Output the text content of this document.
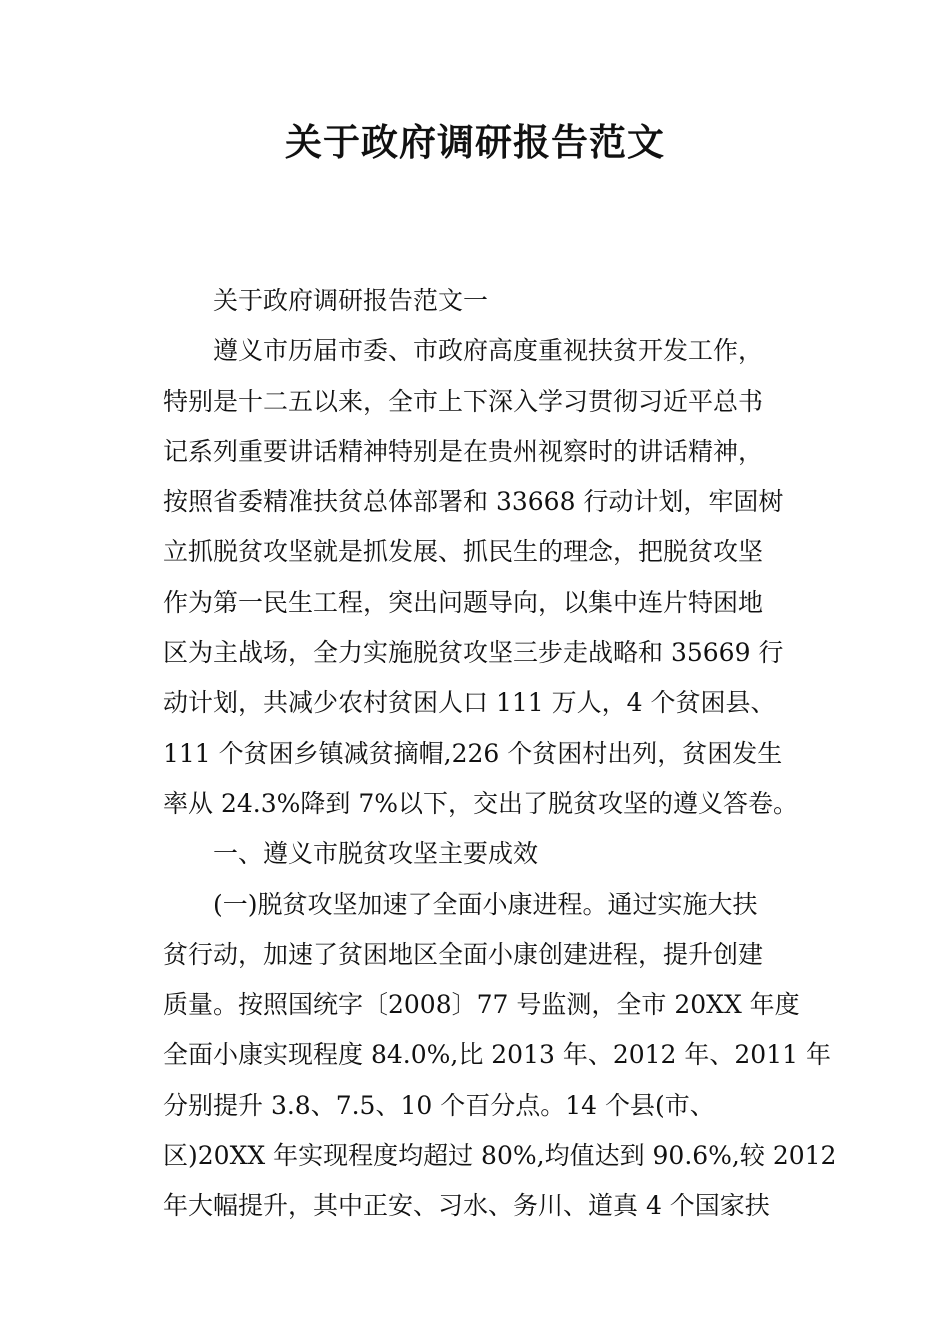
关于政府调研报告范文
关于政府调研报告范文一
遵义市历届市委、市政府高度重视扶贫开发工作，
特别是十二五以来，全市上下深入学习贯彻习近平总书
记系列重要讲话精神特别是在贵州视察时的讲话精神，
按照省委精准扶贫总体部署和 33668 行动计划，牢固树
立抓脱贫攻坚就是抓发展、抓民生的理念，把脱贫攻坚
作为第一民生工程，突出问题导向，以集中连片特困地
区为主战场，全力实施脱贫攻坚三步走战略和 35669 行
动计划，共减少农村贫困人口 111 万人，4 个贫困县、
111 个贫困乡镇减贫摘帽,226 个贫困村出列，贫困发生
率从 24.3%降到 7%以下，交出了脱贫攻坚的遵义答卷。
一、遵义市脱贫攻坚主要成效
(一)脱贫攻坚加速了全面小康进程。通过实施大扶
贫行动，加速了贫困地区全面小康创建进程，提升创建
质量。按照国统字〔2008〕77 号监测，全市 20XX 年度
全面小康实现程度 84.0%,比 2013 年、2012 年、2011 年
分别提升 3.8、7.5、10 个百分点。14 个县(市、
区)20XX 年实现程度均超过 80%,均值达到 90.6%,较 2012
年大幅提升，其中正安、习水、务川、道真 4 个国家扶
